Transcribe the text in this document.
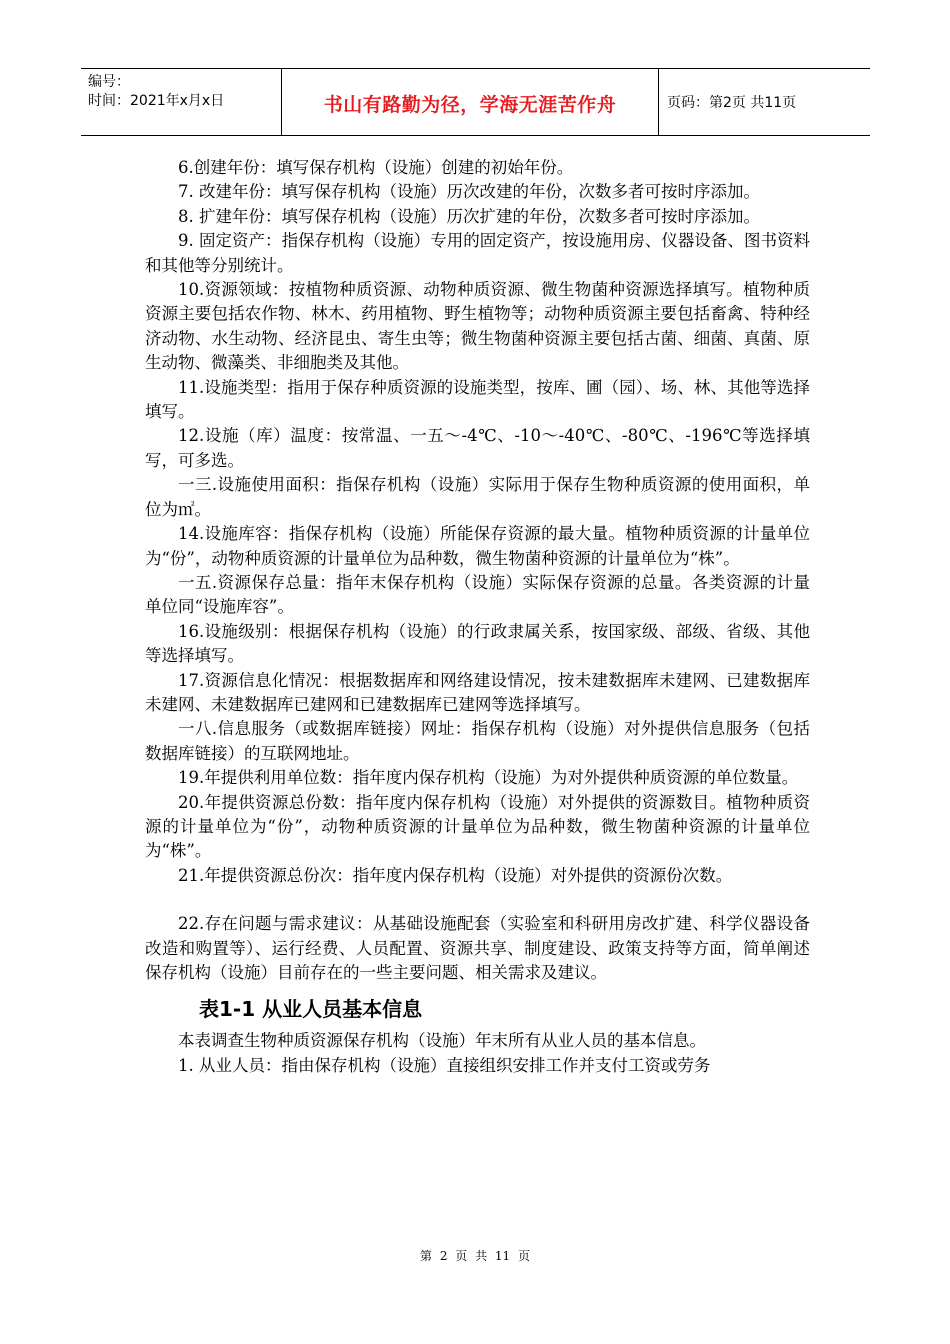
编号：
时间：2021年x月x日	书山有路勤为径，学海无涯苦作舟	页码：第2页 共11页

6.创建年份：填写保存机构（设施）创建的初始年份。

7. 改建年份：填写保存机构（设施）历次改建的年份，次数多者可按时序添加。

8. 扩建年份：填写保存机构（设施）历次扩建的年份，次数多者可按时序添加。

9. 固定资产：指保存机构（设施）专用的固定资产，按设施用房、仪器设备、图书资料和其他等分别统计。

10.资源领域：按植物种质资源、动物种质资源、微生物菌种资源选择填写。植物种质资源主要包括农作物、林木、药用植物、野生植物等；动物种质资源主要包括畜禽、特种经济动物、水生动物、经济昆虫、寄生虫等；微生物菌种资源主要包括古菌、细菌、真菌、原生动物、微藻类、非细胞类及其他。

11.设施类型：指用于保存种质资源的设施类型，按库、圃（园）、场、林、其他等选择填写。

12.设施（库）温度：按常温、一五～-4℃、-10～-40℃、-80℃、-196℃等选择填写，可多选。

一三.设施使用面积：指保存机构（设施）实际用于保存生物种质资源的使用面积，单位为㎡。

14.设施库容：指保存机构（设施）所能保存资源的最大量。植物种质资源的计量单位为“份”，动物种质资源的计量单位为品种数，微生物菌种资源的计量单位为“株”。

一五.资源保存总量：指年末保存机构（设施）实际保存资源的总量。各类资源的计量单位同“设施库容”。

16.设施级别：根据保存机构（设施）的行政隶属关系，按国家级、部级、省级、其他等选择填写。

17.资源信息化情况：根据数据库和网络建设情况，按未建数据库未建网、已建数据库未建网、未建数据库已建网和已建数据库已建网等选择填写。

一八.信息服务（或数据库链接）网址：指保存机构（设施）对外提供信息服务（包括数据库链接）的互联网地址。

19.年提供利用单位数：指年度内保存机构（设施）为对外提供种质资源的单位数量。

20.年提供资源总份数：指年度内保存机构（设施）对外提供的资源数目。植物种质资源的计量单位为“份”，动物种质资源的计量单位为品种数，微生物菌种资源的计量单位为“株”。

21.年提供资源总份次：指年度内保存机构（设施）对外提供的资源份次数。

22.存在问题与需求建议：从基础设施配套（实验室和科研用房改扩建、科学仪器设备改造和购置等）、运行经费、人员配置、资源共享、制度建设、政策支持等方面，简单阐述保存机构（设施）目前存在的一些主要问题、相关需求及建议。

表1-1 从业人员基本信息

本表调查生物种质资源保存机构（设施）年末所有从业人员的基本信息。

1. 从业人员：指由保存机构（设施）直接组织安排工作并支付工资或劳务

第 2 页 共 11 页
